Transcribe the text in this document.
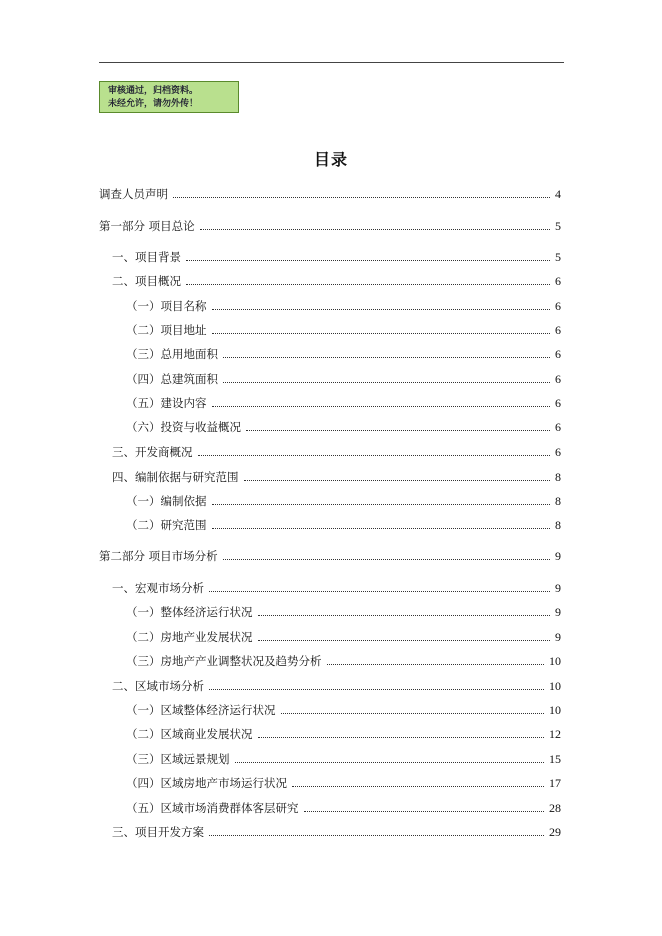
审核通过，归档资料。
未经允许，请勿外传！
目录
调查人员声明	4
第一部分 项目总论	5
一、项目背景	5
二、项目概况	6
（一）项目名称	6
（二）项目地址	6
（三）总用地面积	6
（四）总建筑面积	6
（五）建设内容	6
（六）投资与收益概况	6
三、开发商概况	6
四、编制依据与研究范围	8
（一）编制依据	8
（二）研究范围	8
第二部分 项目市场分析	9
一、宏观市场分析	9
（一）整体经济运行状况	9
（二）房地产业发展状况	9
（三）房地产产业调整状况及趋势分析	10
二、区域市场分析	10
（一）区域整体经济运行状况	10
（二）区域商业发展状况	12
（三）区域远景规划	15
（四）区域房地产市场运行状况	17
（五）区域市场消费群体客层研究	28
三、项目开发方案	29
